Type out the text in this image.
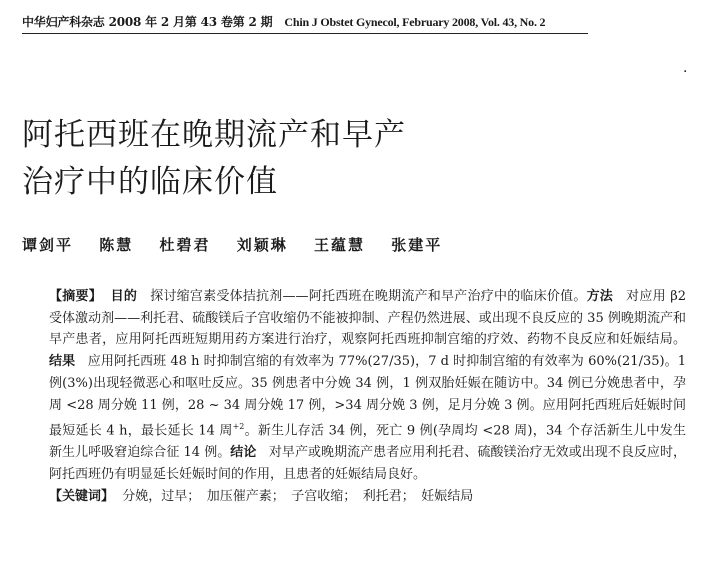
中华妇产科杂志 2008 年 2 月第 43 卷第 2 期 Chin J Obstet Gynecol, February 2008, Vol. 43, No. 2
·
阿托西班在晚期流产和早产
治疗中的临床价值
谭剑平 陈慧 杜碧君 刘颖琳 王蕴慧 张建平

【摘要】 目的 探讨缩宫素受体拮抗剂——阿托西班在晚期流产和早产治疗中的临床价值。方法 对应用 β2 受体激动剂——利托君、硫酸镁后子宫收缩仍不能被抑制、产程仍然进展、或出现不良反应的 35 例晚期流产和早产患者，应用阿托西班短期用药方案进行治疗，观察阿托西班抑制宫缩的疗效、药物不良反应和妊娠结局。结果 应用阿托西班 48 h 时抑制宫缩的有效率为 77%(27/35)，7 d 时抑制宫缩的有效率为 60%(21/35)。1 例(3%)出现轻微恶心和呕吐反应。35 例患者中分娩 34 例，1 例双胎妊娠在随访中。34 例已分娩患者中，孕周 <28 周分娩 11 例，28 ~ 34 周分娩 17 例，>34 周分娩 3 例，足月分娩 3 例。应用阿托西班后妊娠时间最短延长 4 h，最长延长 14 周$^{+2}$。新生儿存活 34 例，死亡 9 例(孕周均 <28 周)，34 个存活新生儿中发生新生儿呼吸窘迫综合征 14 例。结论 对早产或晚期流产患者应用利托君、硫酸镁治疗无效或出现不良反应时，阿托西班仍有明显延长妊娠时间的作用，且患者的妊娠结局良好。

【关键词】 分娩，过早；　加压催产素；　子宫收缩；　利托君；　妊娠结局
